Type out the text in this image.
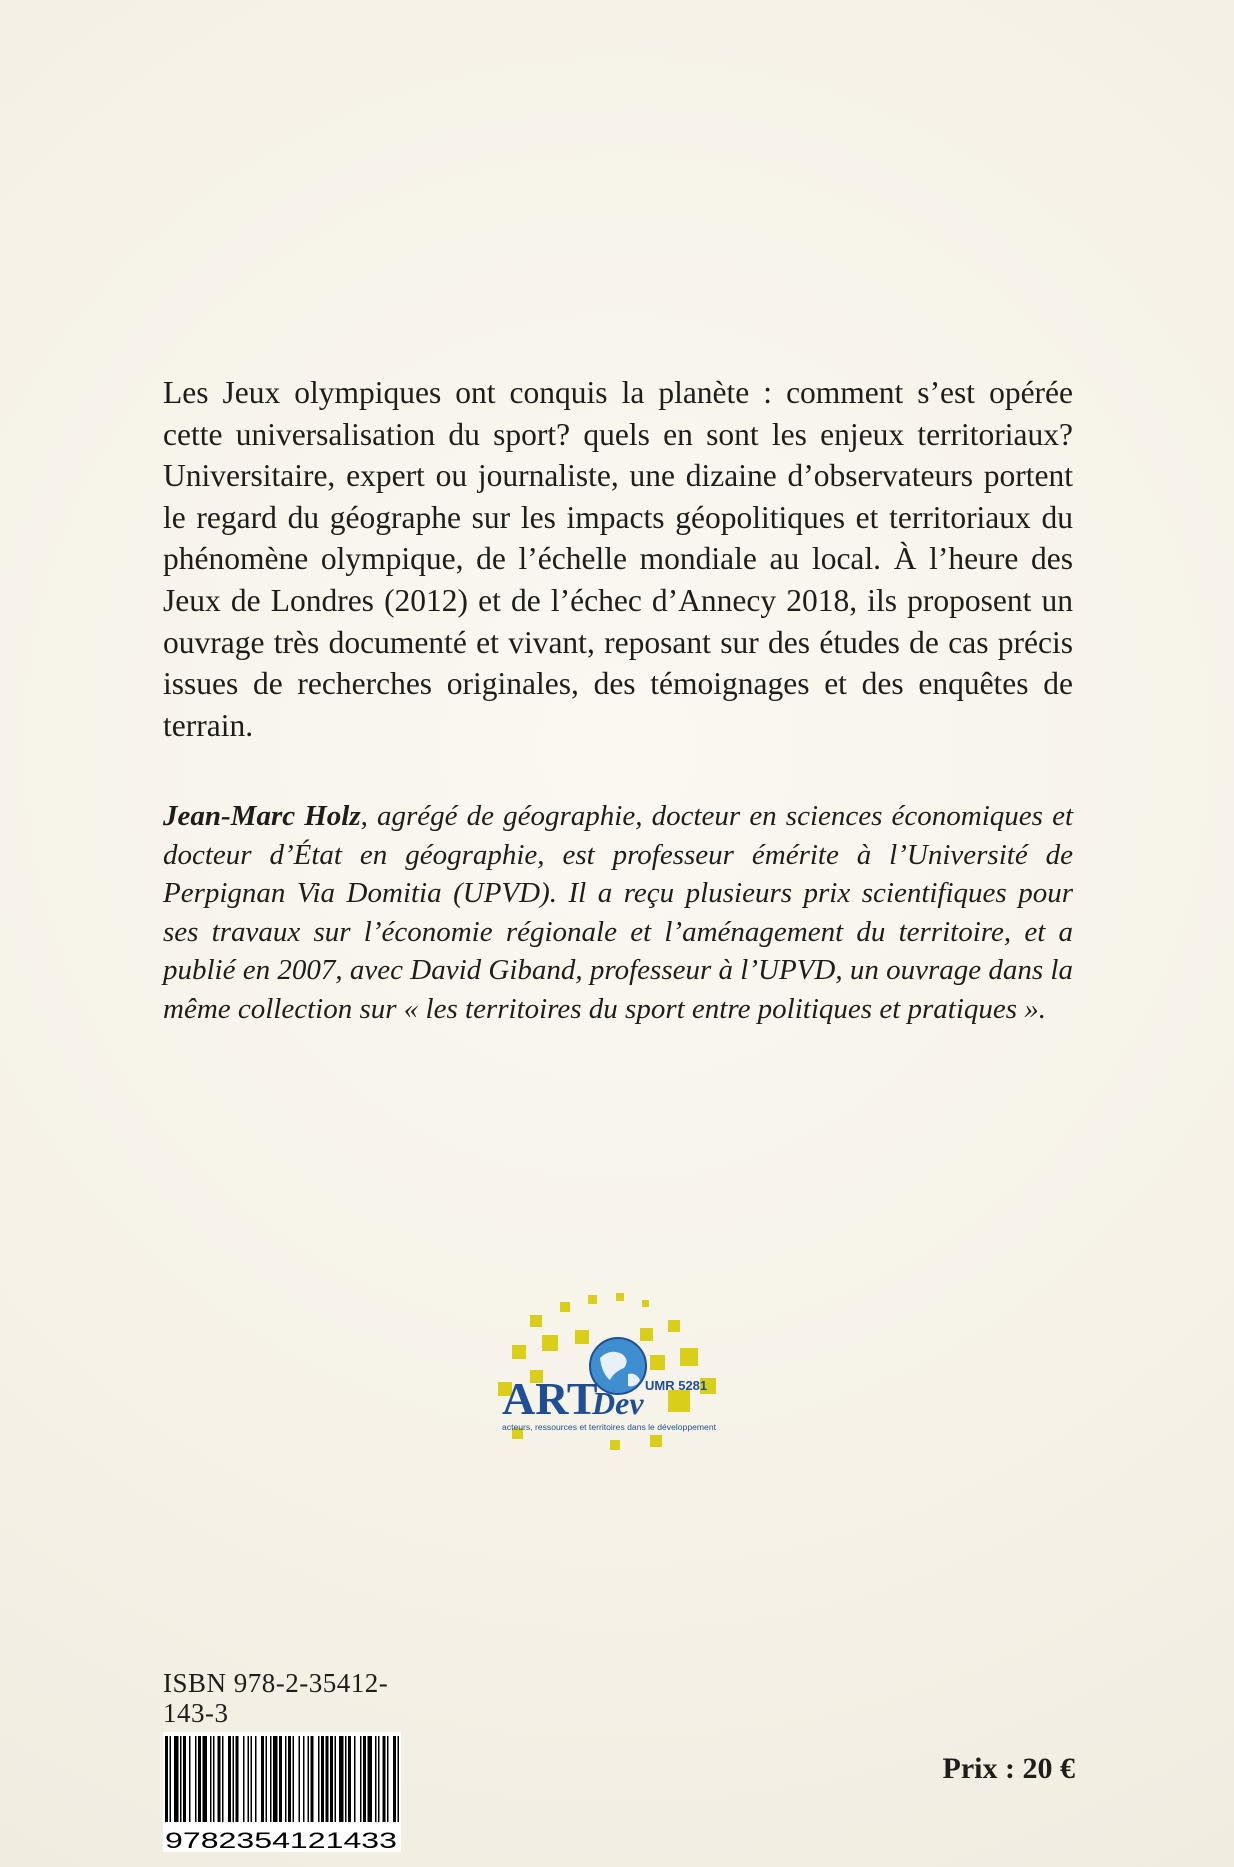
Les Jeux olympiques ont conquis la planète : comment s’est opérée cette universalisation du sport? quels en sont les enjeux territoriaux? Universitaire, expert ou journaliste, une dizaine d’observateurs portent le regard du géographe sur les impacts géopolitiques et territoriaux du phénomène olympique, de l’échelle mondiale au local. À l’heure des Jeux de Londres (2012) et de l’échec d’Annecy 2018, ils proposent un ouvrage très documenté et vivant, reposant sur des études de cas précis issues de recherches originales, des témoignages et des enquêtes de terrain.

Jean-Marc Holz, agrégé de géographie, docteur en sciences économiques et docteur d’État en géographie, est professeur émérite à l’Université de Perpignan Via Domitia (UPVD). Il a reçu plusieurs prix scientifiques pour ses travaux sur l’économie régionale et l’aménagement du territoire, et a publié en 2007, avec David Giband, professeur à l’UPVD, un ouvrage dans la même collection sur « les territoires du sport entre politiques et pratiques ».

ART
Dev UMR 5281
acteurs, ressources et territoires dans le développement

ISBN 978-2-35412-143-3

9782354121433
Prix : 20 €
